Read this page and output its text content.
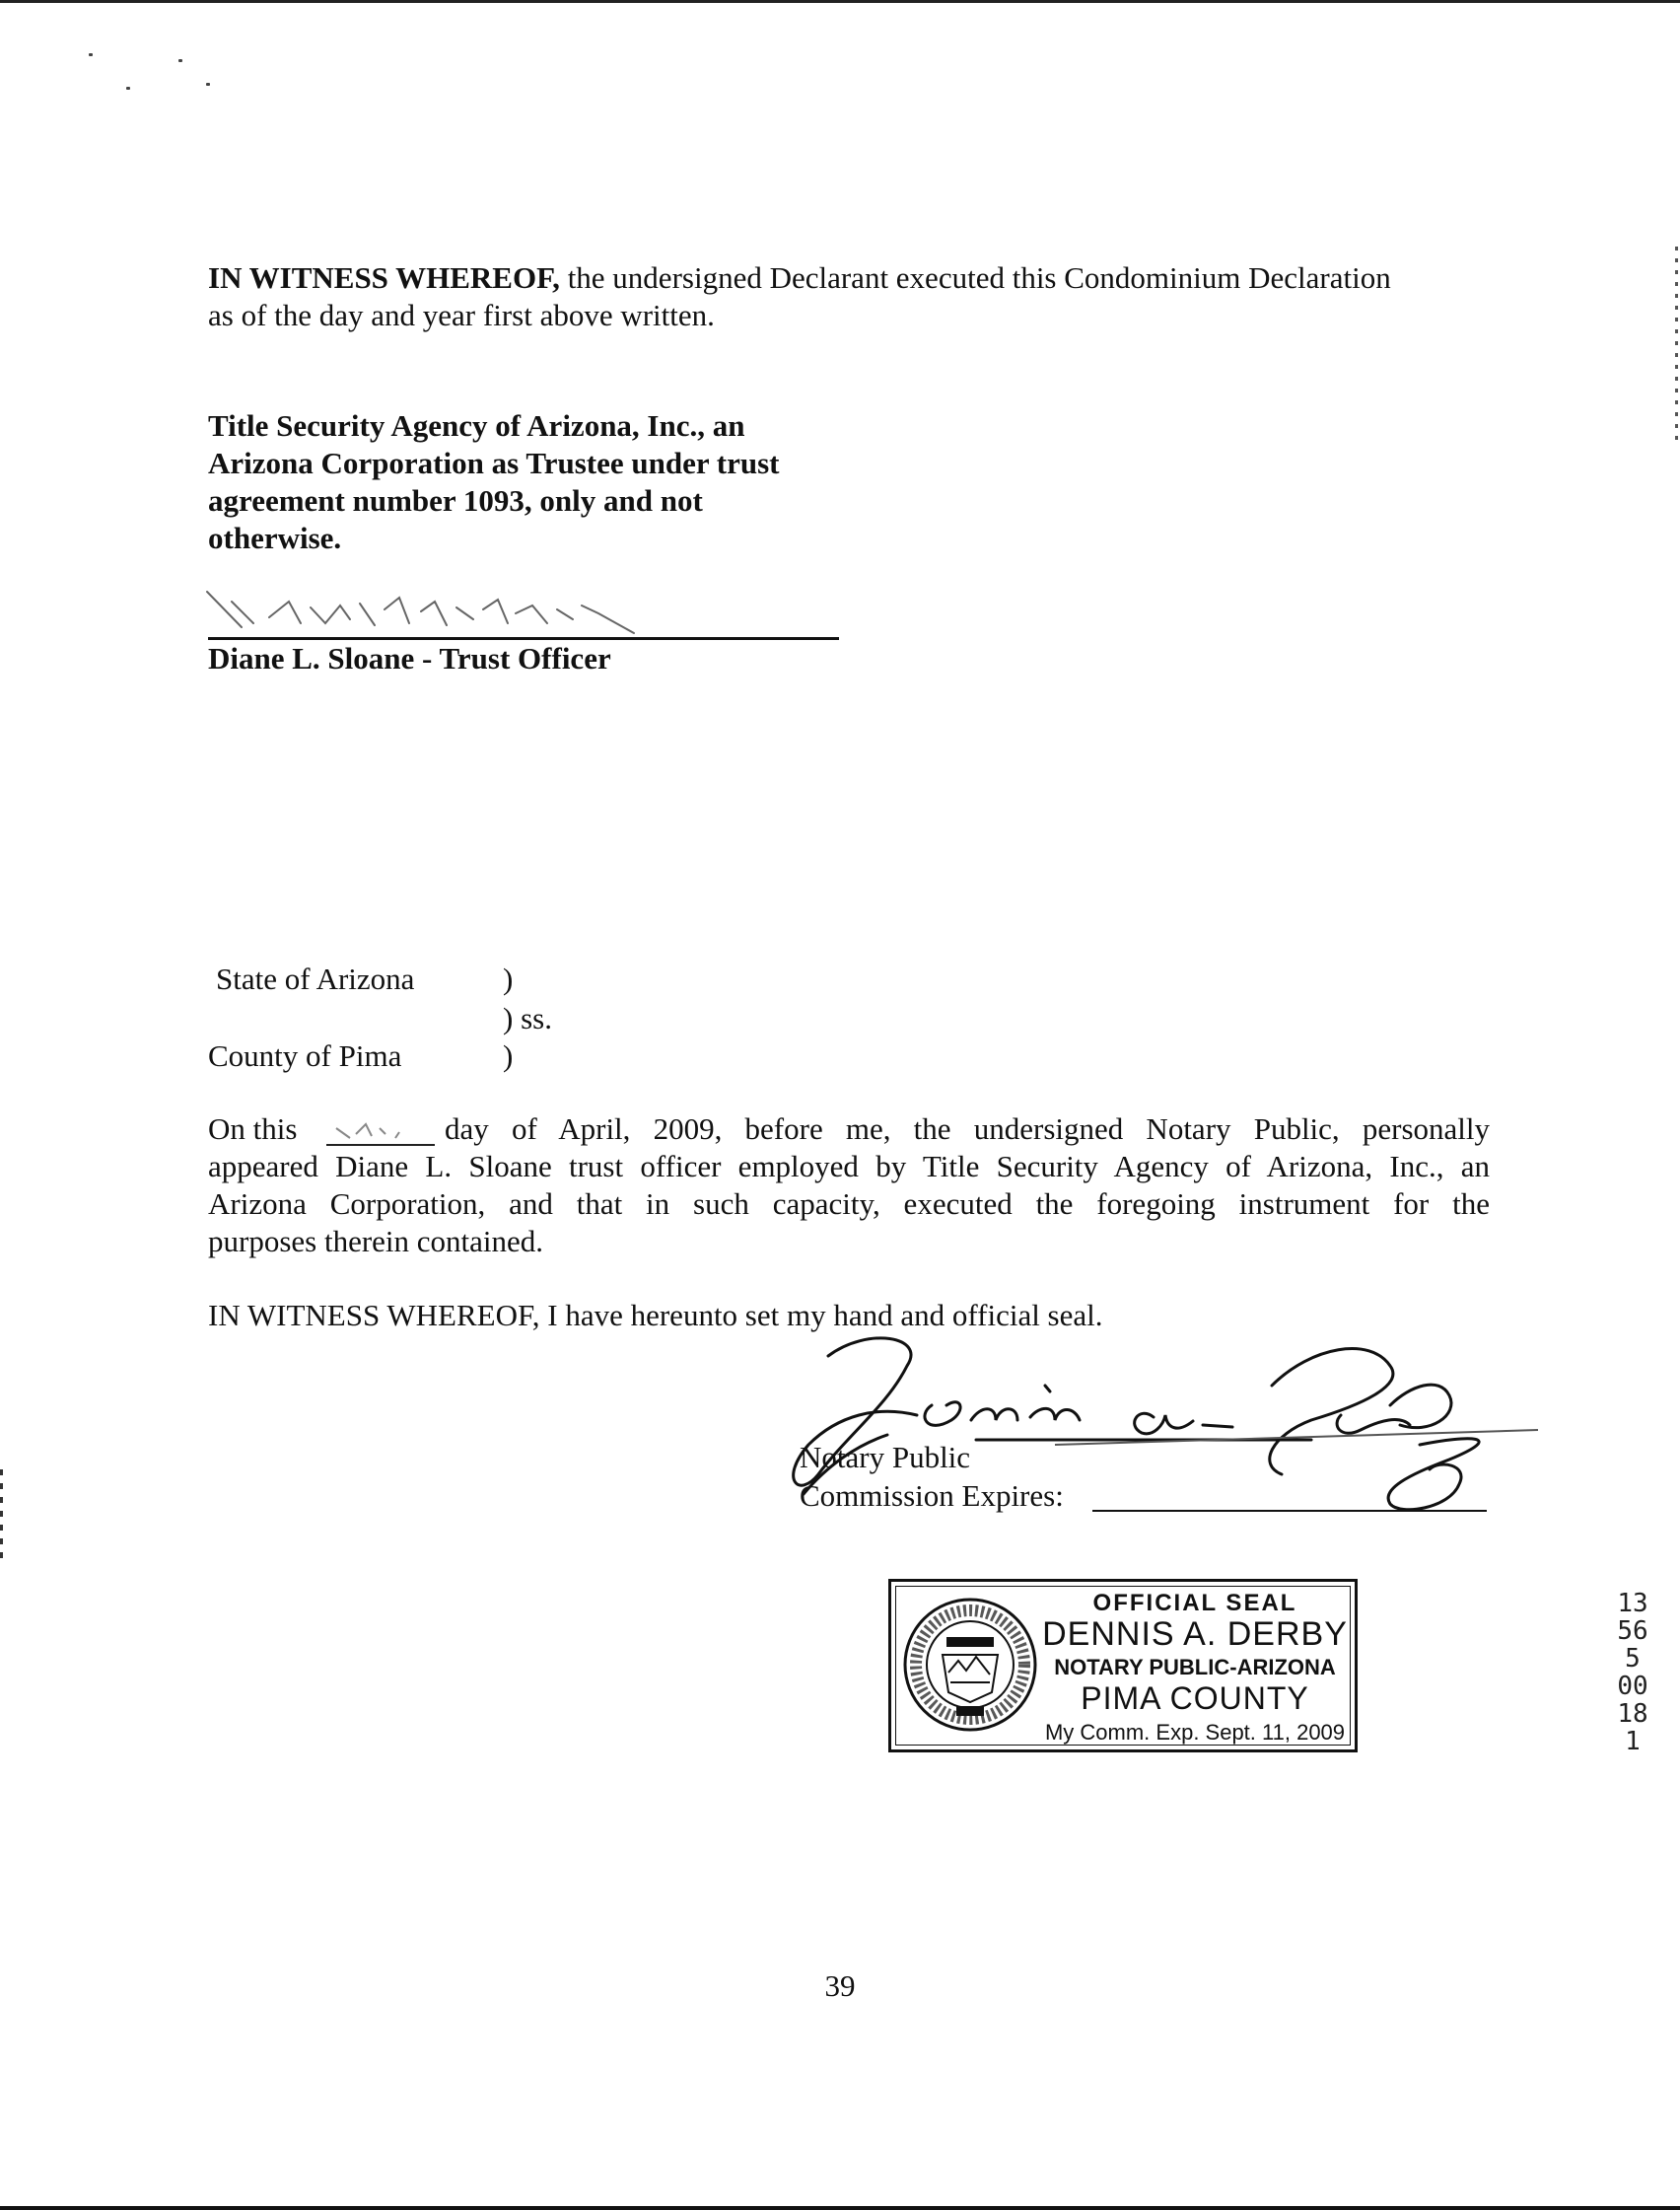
IN WITNESS WHEREOF, the undersigned Declarant executed this Condominium Declaration
as of the day and year first above written.
Title Security Agency of Arizona, Inc., an
Arizona Corporation as Trustee under trust
agreement number 1093, only and not
otherwise.
Diane L. Sloane - Trust Officer
State of Arizona	)
) ss.
County of Pima	)
On this	day of April, 2009, before me, the undersigned Notary Public, personally
appeared Diane L. Sloane trust officer employed by Title Security Agency of Arizona, Inc., an
Arizona Corporation, and that in such capacity, executed the foregoing instrument for the
purposes therein contained.
IN WITNESS WHEREOF, I have hereunto set my hand and official seal.
Notary Public
Commission Expires:
OFFICIAL SEAL
DENNIS A. DERBY
NOTARY PUBLIC-ARIZONA
PIMA COUNTY
My Comm. Exp. Sept. 11, 2009
13565 00181
39
